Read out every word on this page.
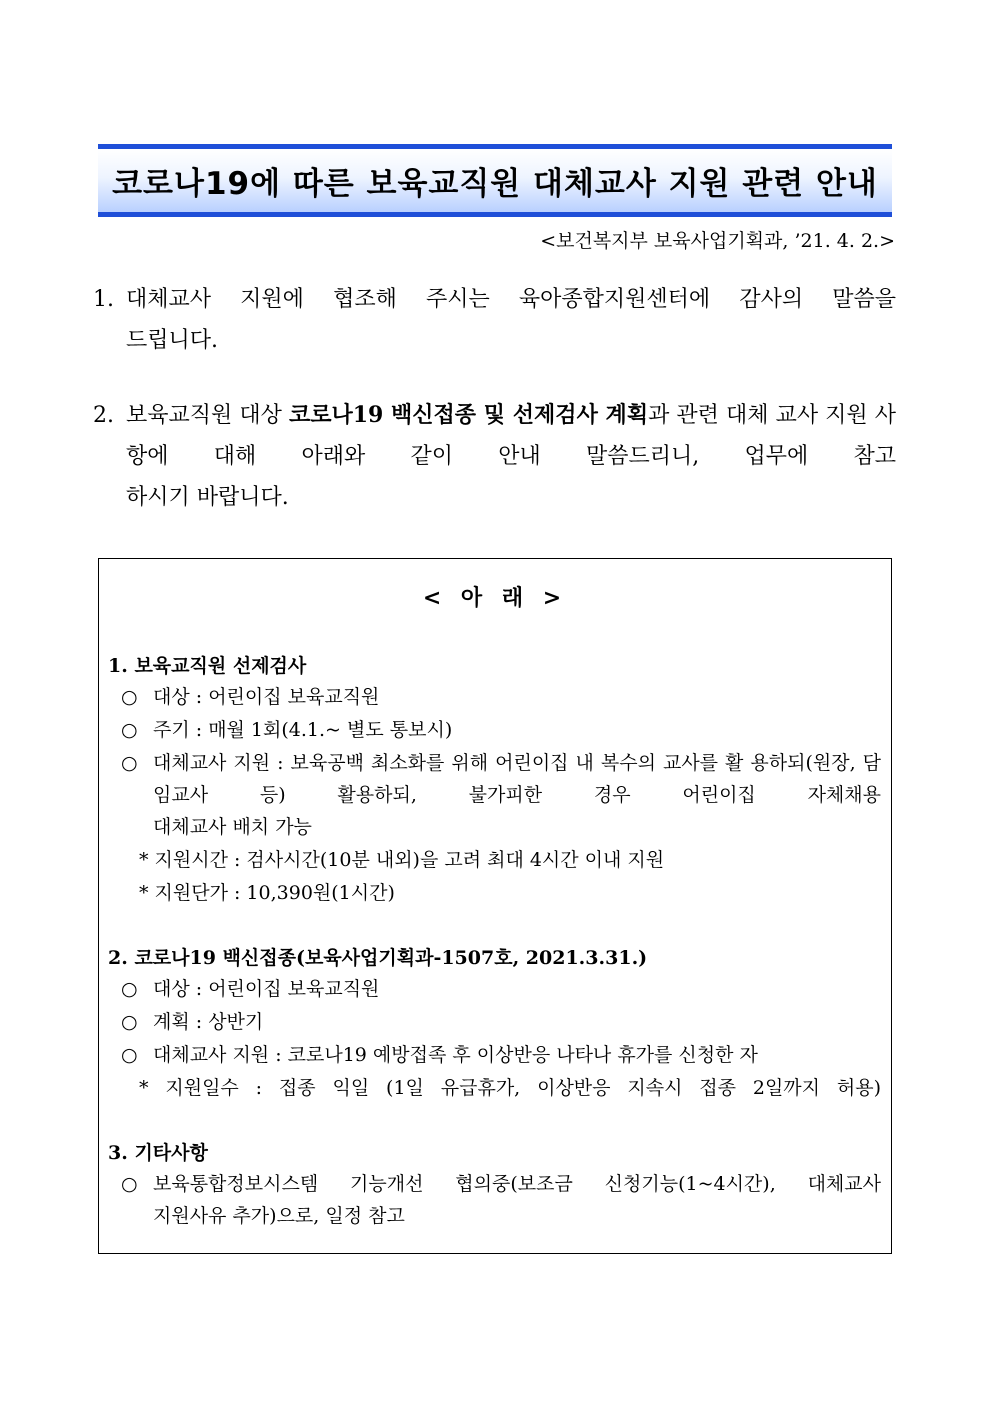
코로나19에 따른 보육교직원 대체교사 지원 관련 안내
<보건복지부 보육사업기획과, ’21. 4. 2.>
1. 대체교사 지원에 협조해 주시는 육아종합지원센터에 감사의 말씀을
드립니다.
2. 보육교직원 대상 코로나19 백신접종 및 선제검사 계획과 관련 대체 교사 지원 사항에 대해 아래와 같이 안내 말씀드리니, 업무에 참고
하시기 바랍니다.
< 아 래 >
1. 보육교직원 선제검사
○ 대상 : 어린이집 보육교직원
○ 주기 : 매월 1회(4.1.~ 별도 통보시)
○ 대체교사 지원 : 보육공백 최소화를 위해 어린이집 내 복수의 교사를 활 용하되(원장, 담임교사 등) 활용하되, 불가피한 경우 어린이집 자체채용
대체교사 배치 가능
* 지원시간 : 검사시간(10분 내외)을 고려 최대 4시간 이내 지원
* 지원단가 : 10,390원(1시간)
2. 코로나19 백신접종(보육사업기획과-1507호, 2021.3.31.)
○ 대상 : 어린이집 보육교직원
○ 계획 : 상반기
○ 대체교사 지원 : 코로나19 예방접족 후 이상반응 나타나 휴가를 신청한 자
* 지원일수 : 접종 익일 (1일 유급휴가, 이상반응 지속시 접종 2일까지 허용)
3. 기타사항
○ 보육통합정보시스템 기능개선 협의중(보조금 신청기능(1~4시간), 대체교사
지원사유 추가)으로, 일정 참고
